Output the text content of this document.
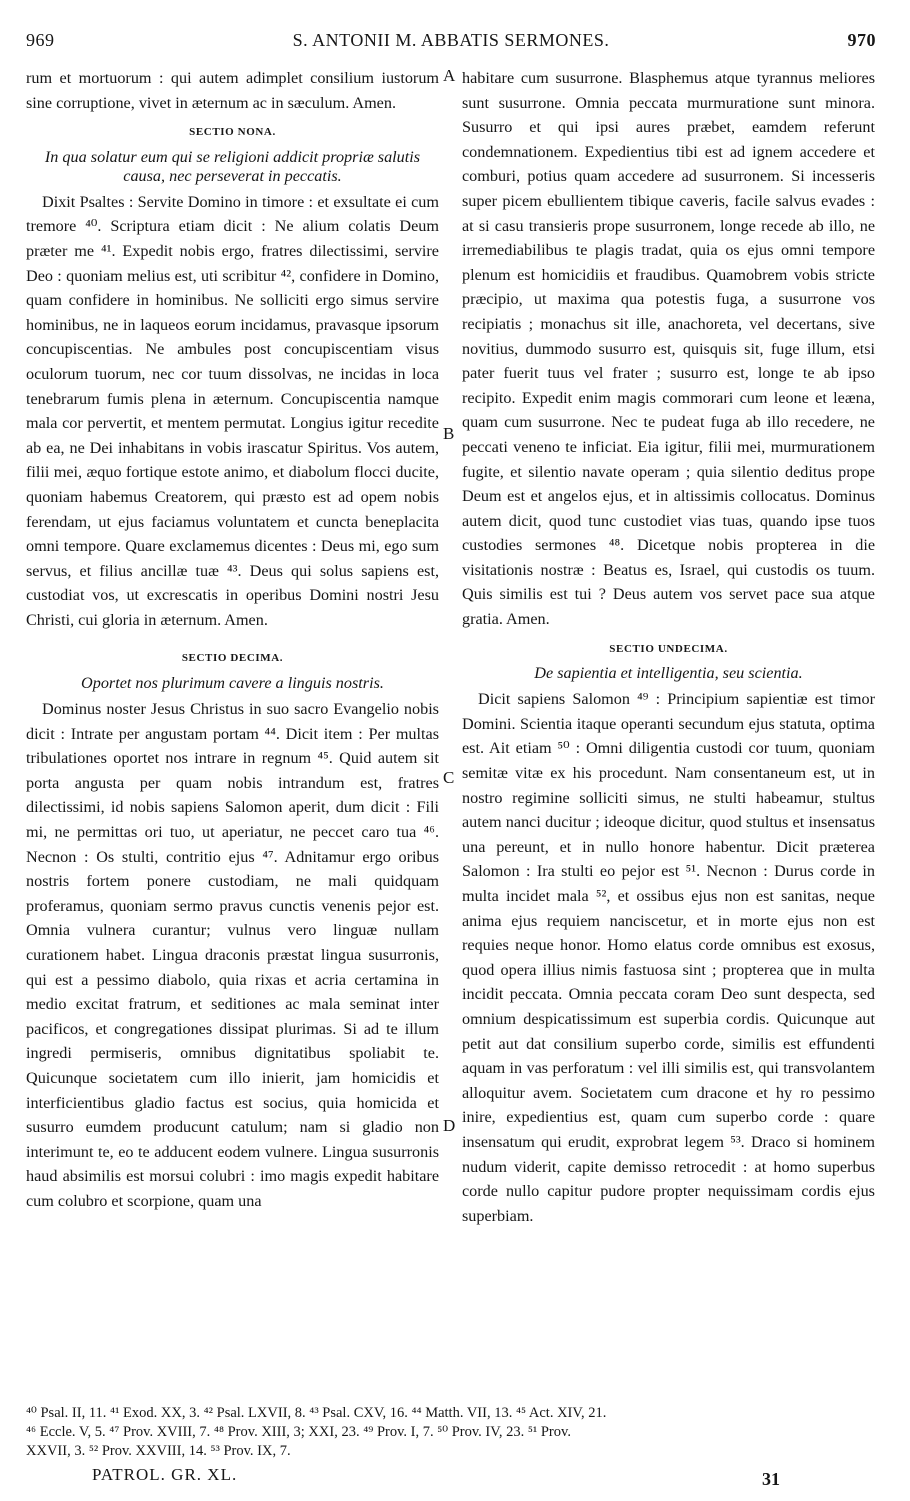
969	S. ANTONII M. ABBATIS SERMONES.	970

rum et mortuorum : qui autem adimplet consilium iustorum sine corruptione, vivet in æternum ac in sæculum. Amen.

SECTIO NONA.
In qua solatur eum qui se religioni addicit propriæ salutis causa, nec perseverat in peccatis.

Dixit Psaltes : Servite Domino in timore : et exsultate ei cum tremore ⁴⁰. Scriptura etiam dicit : Ne alium colatis Deum præter me ⁴¹. Expedit nobis ergo, fratres dilectissimi, servire Deo : quoniam melius est, uti scribitur ⁴², confidere in Domino, quam confidere in hominibus. Ne solliciti ergo simus servire hominibus, ne in laqueos eorum incidamus, pravasque ipsorum concupiscentias. Ne ambules post concupiscentiam visus oculorum tuorum, nec cor tuum dissolvas, ne incidas in loca tenebrarum fumis plena in æternum. Concupiscentia namque mala cor pervertit, et mentem permutat. Longius igitur recedite ab ea, ne Dei inhabitans in vobis irascatur Spiritus. Vos autem, filii mei, æquo fortique estote animo, et diabolum flocci ducite, quoniam habemus Creatorem, qui præsto est ad opem nobis ferendam, ut ejus faciamus voluntatem et cuncta beneplacita omni tempore. Quare exclamemus dicentes : Deus mi, ego sum servus, et filius ancillæ tuæ ⁴³. Deus qui solus sapiens est, custodiat vos, ut excrescatis in operibus Domini nostri Jesu Christi, cui gloria in æternum. Amen.

SECTIO DECIMA.
Oportet nos plurimum cavere a linguis nostris.

Dominus noster Jesus Christus in suo sacro Evangelio nobis dicit : Intrate per angustam portam ⁴⁴. Dicit item : Per multas tribulationes oportet nos intrare in regnum ⁴⁵. Quid autem sit porta angusta per quam nobis intrandum est, fratres dilectissimi, id nobis sapiens Salomon aperit, dum dicit : Fili mi, ne permittas ori tuo, ut aperiatur, ne peccet caro tua ⁴⁶. Necnon : Os stulti, contritio ejus ⁴⁷. Adnitamur ergo oribus nostris fortem ponere custodiam, ne mali quidquam proferamus, quoniam sermo pravus cunctis venenis pejor est. Omnia vulnera curantur; vulnus vero linguæ nullam curationem habet. Lingua draconis præstat lingua susurronis, qui est a pessimo diabolo, quia rixas et acria certamina in medio excitat fratrum, et seditiones ac mala seminat inter pacificos, et congregationes dissipat plurimas. Si ad te illum ingredi permiseris, omnibus dignitatibus spoliabit te. Quicunque societatem cum illo inierit, jam homicidis et interficientibus gladio factus est socius, quia homicida et susurro eumdem producunt catulum; nam si gladio non interimunt te, eo te adducent eodem vulnere. Lingua susurronis haud absimilis est morsui colubri : imo magis expedit habitare cum colubro et scorpione, quam una

habitare cum susurrone. Blasphemus atque tyrannus meliores sunt susurrone. Omnia peccata murmuratione sunt minora. Susurro et qui ipsi aures præbet, eamdem referunt condemnationem. Expedientius tibi est ad ignem accedere et comburi, potius quam accedere ad susurronem. Si incesseris super picem ebullientem tibique caveris, facile salvus evades : at si casu transieris prope susurronem, longe recede ab illo, ne irremediabilibus te plagis tradat, quia os ejus omni tempore plenum est homicidiis et fraudibus. Quamobrem vobis stricte præcipio, ut maxima qua potestis fuga, a susurrone vos recipiatis ; monachus sit ille, anachoreta, vel decertans, sive novitius, dummodo susurro est, quisquis sit, fuge illum, etsi pater fuerit tuus vel frater ; susurro est, longe te ab ipso recipito. Expedit enim magis commorari cum leone et leæna, quam cum susurrone. Nec te pudeat fuga ab illo recedere, ne peccati veneno te inficiat. Eia igitur, filii mei, murmurationem fugite, et silentio navate operam ; quia silentio deditus prope Deum est et angelos ejus, et in altissimis collocatus. Dominus autem dicit, quod tunc custodiet vias tuas, quando ipse tuos custodies sermones ⁴⁸. Dicetque nobis propterea in die visitationis nostræ : Beatus es, Israel, qui custodis os tuum. Quis similis est tui ? Deus autem vos servet pace sua atque gratia. Amen.

SECTIO UNDECIMA.
De sapientia et intelligentia, seu scientia.

Dicit sapiens Salomon ⁴⁹ : Principium sapientiæ est timor Domini. Scientia itaque operanti secundum ejus statuta, optima est. Ait etiam ⁵⁰ : Omni diligentia custodi cor tuum, quoniam semitæ vitæ ex his procedunt. Nam consentaneum est, ut in nostro regimine solliciti simus, ne stulti habeamur, stultus autem nanci ducitur ; ideoque dicitur, quod stultus et insensatus una pereunt, et in nullo honore habentur. Dicit præterea Salomon : Ira stulti eo pejor est ⁵¹. Necnon : Durus corde in multa incidet mala ⁵², et ossibus ejus non est sanitas, neque anima ejus requiem nanciscetur, et in morte ejus non est requies neque honor. Homo elatus corde omnibus est exosus, quod opera illius nimis fastuosa sint ; propterea que in multa incidit peccata. Omnia peccata coram Deo sunt despecta, sed omnium despicatissimum est superbia cordis. Quicunque aut petit aut dat consilium superbo corde, similis est effundenti aquam in vas perforatum : vel illi similis est, qui transvolantem alloquitur avem. Societatem cum dracone et hy ro pessimo inire, expedientius est, quam cum superbo corde : quare insensatum qui erudit, exprobrat legem ⁵³. Draco si hominem nudum viderit, capite demisso retrocedit : at homo superbus corde nullo capitur pudore propter nequissimam cordis ejus superbiam.

A
B
C
D
⁴⁰ Psal. II, 11. ⁴¹ Exod. XX, 3. ⁴² Psal. LXVII, 8. ⁴³ Psal. CXV, 16. ⁴⁴ Matth. VII, 13. ⁴⁵ Act. XIV, 21.
⁴⁶ Eccle. V, 5. ⁴⁷ Prov. XVIII, 7. ⁴⁸ Prov. XIII, 3; XXI, 23. ⁴⁹ Prov. I, 7. ⁵⁰ Prov. IV, 23. ⁵¹ Prov.
XXVII, 3. ⁵² Prov. XXVIII, 14. ⁵³ Prov. IX, 7.
PATROL. GR. XL.	31
